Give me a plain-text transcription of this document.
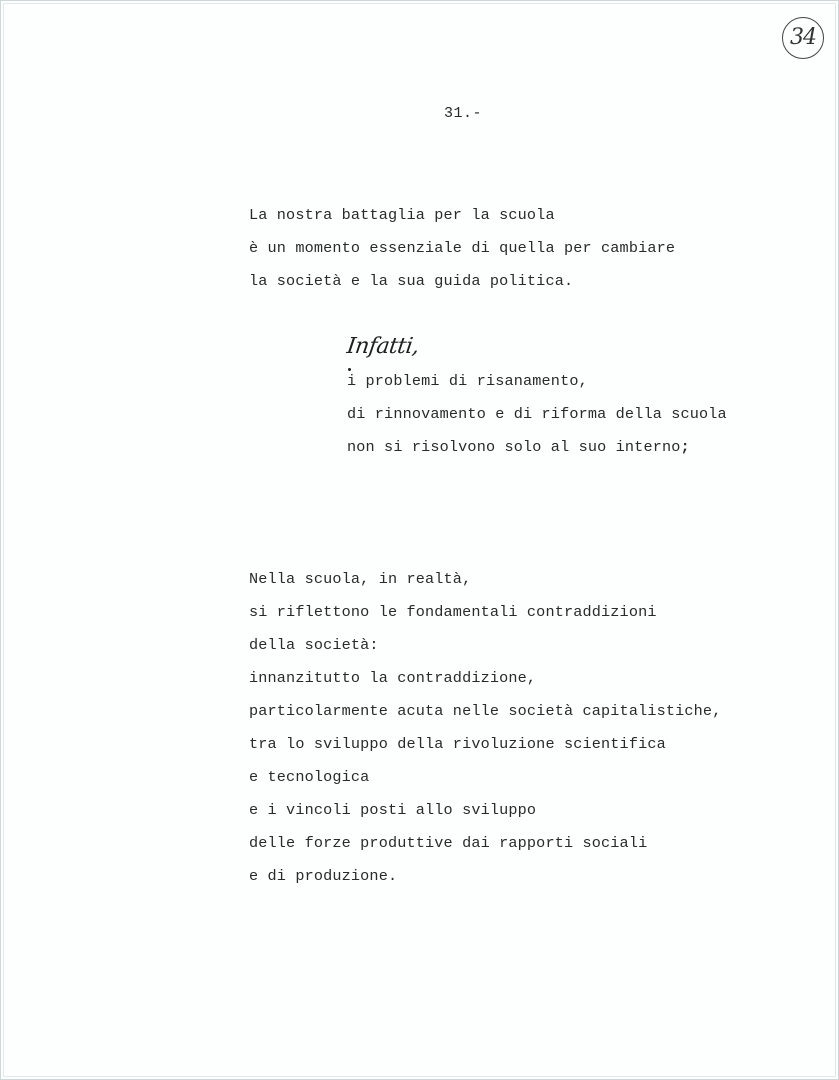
34
31.-
La nostra battaglia per la scuola
è un momento essenziale di quella per cambiare
la società e la sua guida politica.
Infatti,
i problemi di risanamento,
di rinnovamento e di riforma della scuola
non si risolvono solo al suo interno;
Nella scuola, in realtà,
si riflettono le fondamentali contraddizioni
della società:
innanzitutto la contraddizione,
particolarmente acuta nelle società capitalistiche,
tra lo sviluppo della rivoluzione scientifica
e tecnologica
e i vincoli posti allo sviluppo
delle forze produttive dai rapporti sociali
e di produzione.
